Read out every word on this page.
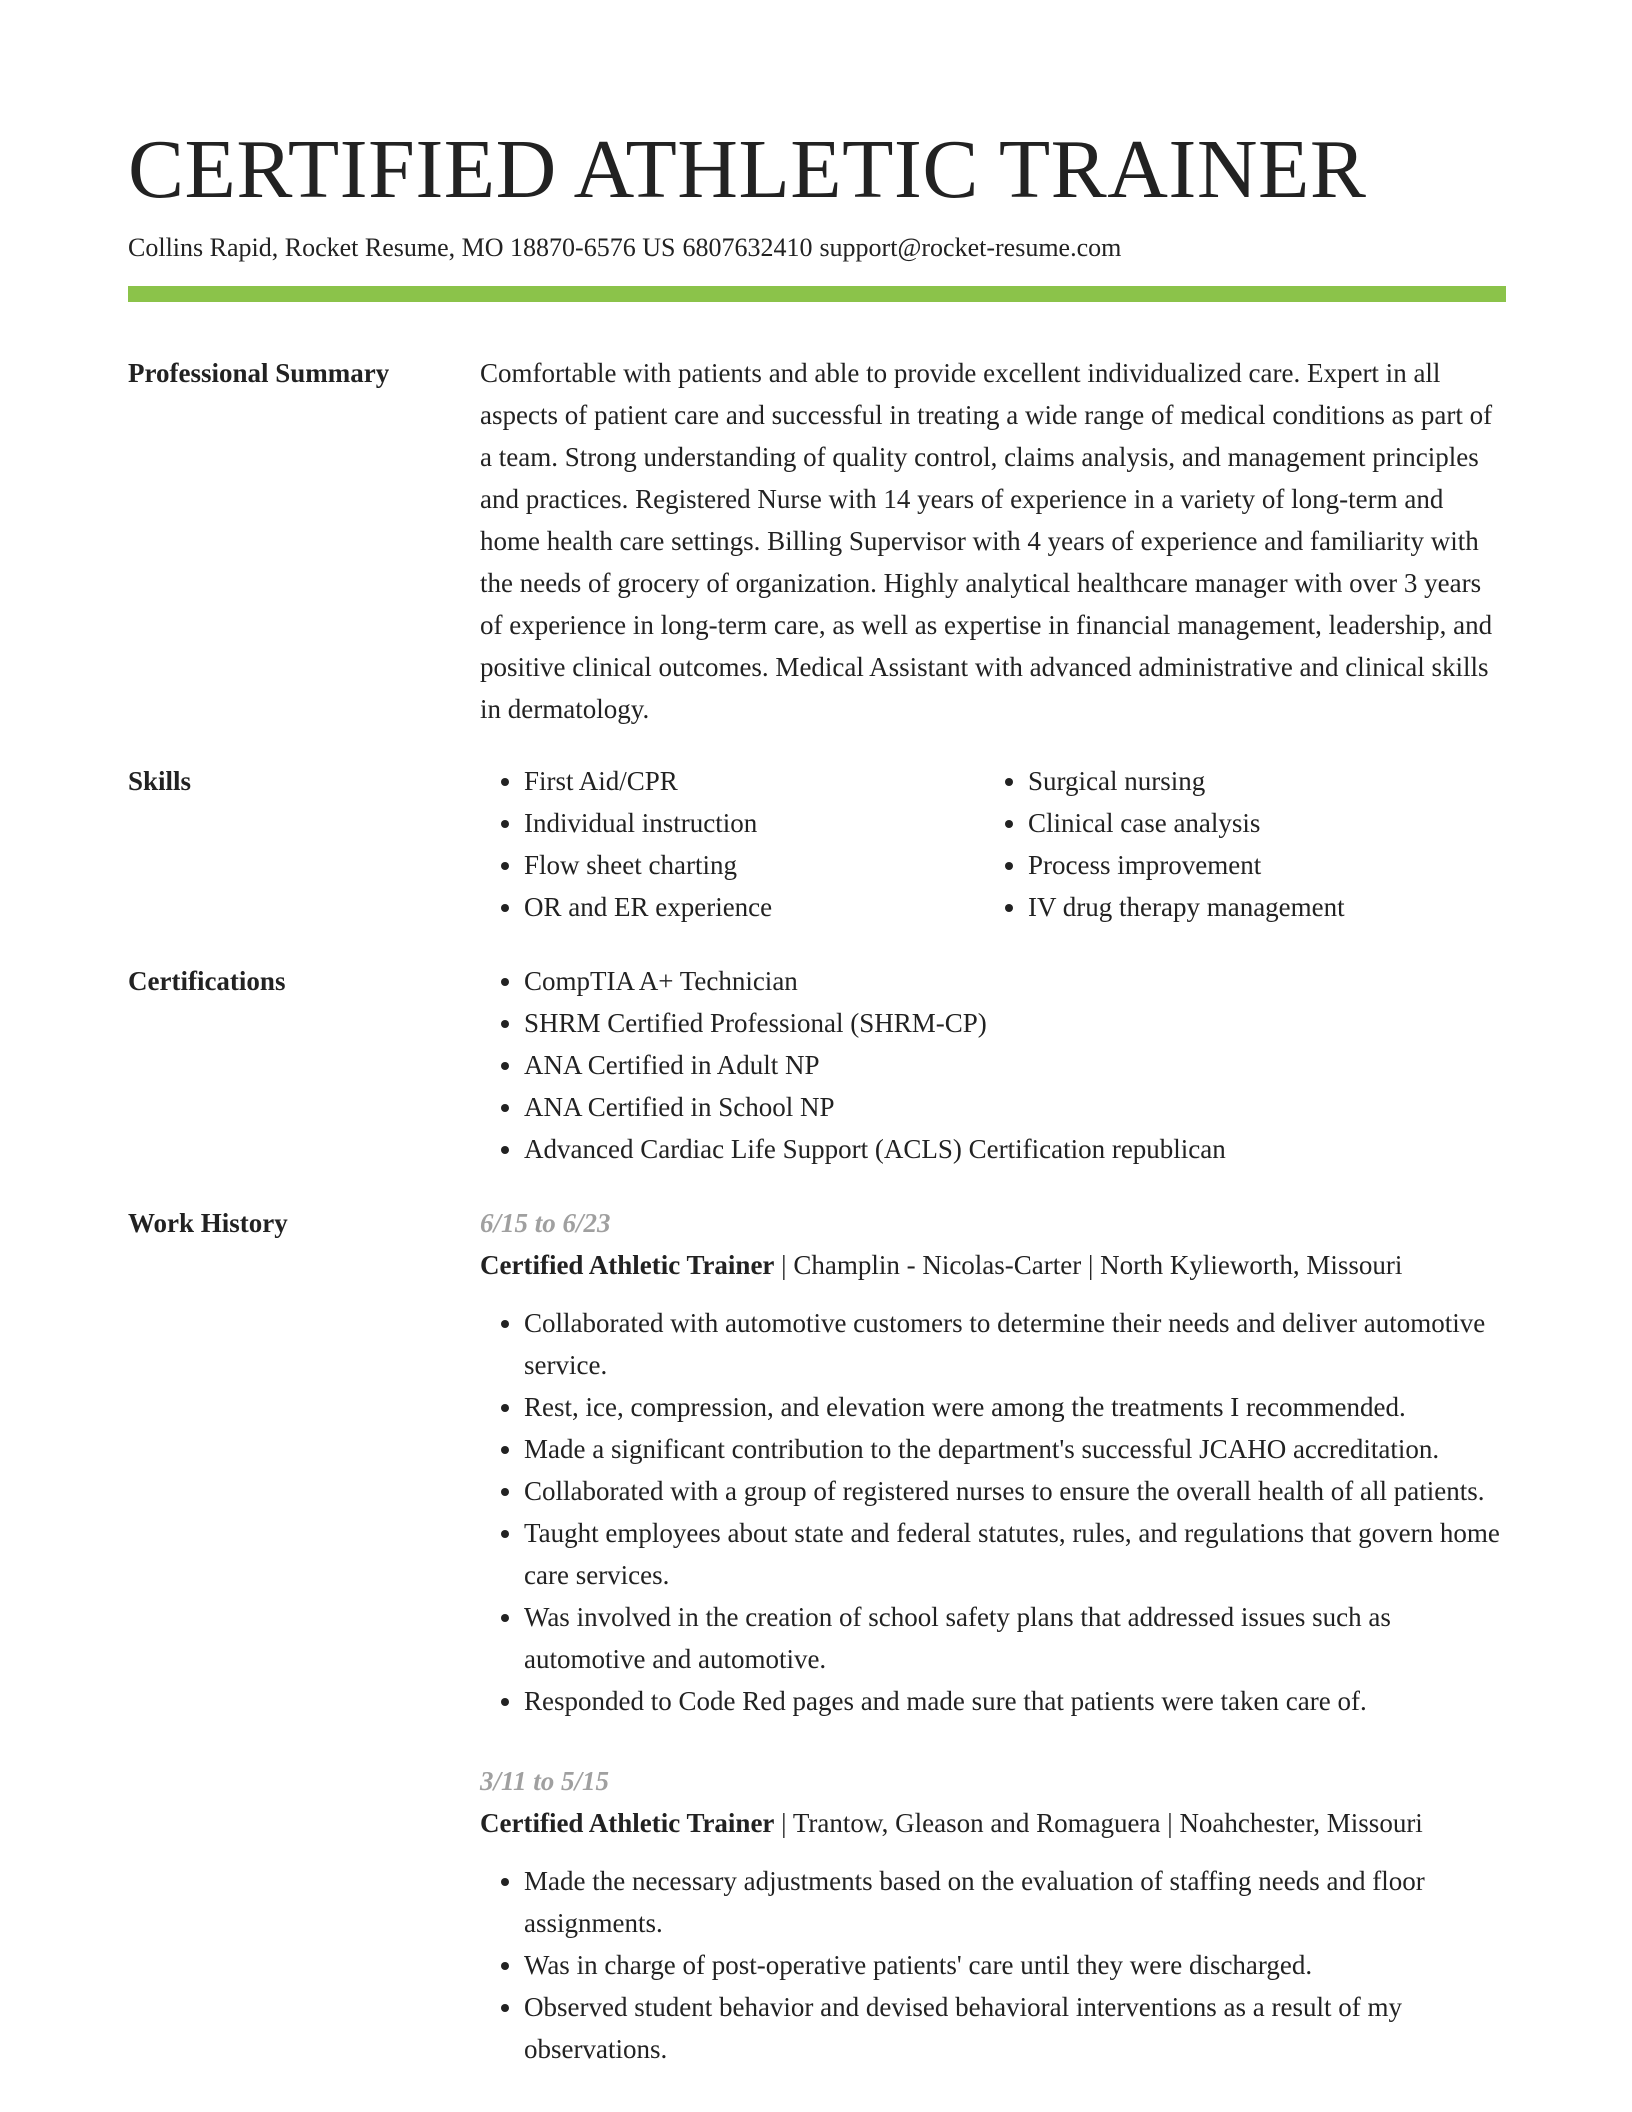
CERTIFIED ATHLETIC TRAINER
Collins Rapid, Rocket Resume, MO 18870-6576 US 6807632410 support@rocket-resume.com
Professional Summary	Comfortable with patients and able to provide excellent individualized care. Expert in all aspects of patient care and successful in treating a wide range of medical conditions as part of a team. Strong understanding of quality control, claims analysis, and management principles and practices. Registered Nurse with 14 years of experience in a variety of long-term and home health care settings. Billing Supervisor with 4 years of experience and familiarity with the needs of grocery of organization. Highly analytical healthcare manager with over 3 years of experience in long-term care, as well as expertise in financial management, leadership, and positive clinical outcomes. Medical Assistant with advanced administrative and clinical skills in dermatology.

Skills	• First Aid/CPR
• Individual instruction
• Flow sheet charting
• OR and ER experience
• Surgical nursing
• Clinical case analysis
• Process improvement
• IV drug therapy management
Certifications	• CompTIA A+ Technician
• SHRM Certified Professional (SHRM-CP)
• ANA Certified in Adult NP
• ANA Certified in School NP
• Advanced Cardiac Life Support (ACLS) Certification republican
Work History	6/15 to 6/23
Certified Athletic Trainer | Champlin - Nicolas-Carter | North Kylieworth, Missouri
• Collaborated with automotive customers to determine their needs and deliver automotive service.
• Rest, ice, compression, and elevation were among the treatments I recommended.
• Made a significant contribution to the department's successful JCAHO accreditation.
• Collaborated with a group of registered nurses to ensure the overall health of all patients.
• Taught employees about state and federal statutes, rules, and regulations that govern home care services.
• Was involved in the creation of school safety plans that addressed issues such as automotive and automotive.
• Responded to Code Red pages and made sure that patients were taken care of.
3/11 to 5/15
Certified Athletic Trainer | Trantow, Gleason and Romaguera | Noahchester, Missouri
• Made the necessary adjustments based on the evaluation of staffing needs and floor assignments.
• Was in charge of post-operative patients' care until they were discharged.
• Observed student behavior and devised behavioral interventions as a result of my observations.
